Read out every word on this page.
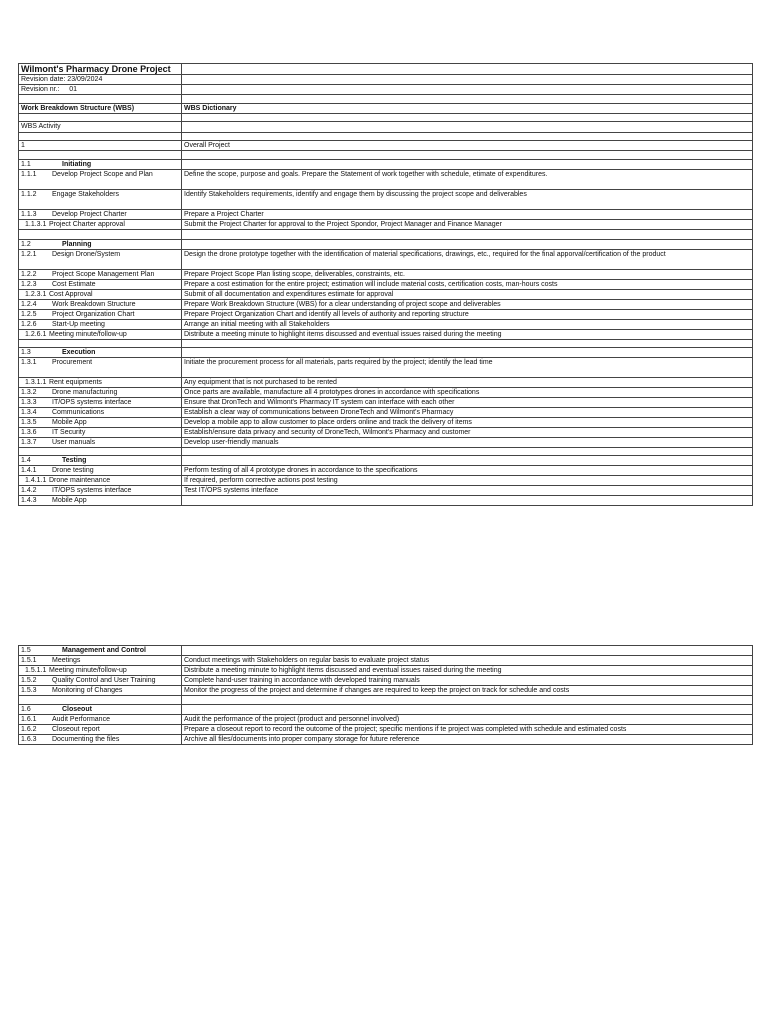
Wilmont's Pharmacy Drone Project	
Revision date: 23/09/2024	
Revision nr.:     01	

Work Breakdown Structure (WBS)	WBS Dictionary

WBS Activity	

1	Overall Project

1.1 Initiating	
1.1.1 Develop Project Scope and Plan	Define the scope, purpose and goals. Prepare the Statement of work together with schedule, etimate of expenditures.
1.1.2 Engage Stakeholders	Identify Stakeholders requirements, identify and engage them by discussing the project scope and deliverables
1.1.3 Develop Project Charter	Prepare a Project Charter
1.1.3.1 Project Charter approval	Submit the Project Charter for approval to the Project Spondor, Project Manager and Finance Manager

1.2 Planning	
1.2.1 Design Drone/System	Design the drone prototype together with the identification of material specifications, drawings, etc., required for the final apporval/certification of the product
1.2.2 Project Scope Management Plan	Prepare Project Scope Plan listing scope, deliverables, constraints, etc.
1.2.3 Cost Estimate	Prepare a cost estimation for the entire project; estimation will include material costs, certification costs, man-hours costs
1.2.3.1 Cost Approval	Submit of all documentation and expenditures estimate for approval
1.2.4 Work Breakdown Structure	Prepare Work Breakdown Structure (WBS) for a clear understanding of project scope and deliverables
1.2.5 Project Organization Chart	Prepare Project Organization Chart and identify all levels of authority and reporting structure
1.2.6 Start-Up meeting	Arrange an initial meeting with all Stakeholders
1.2.6.1 Meeting minute/follow-up	Distribute a meeting minute to highlight items discussed and eventual issues raised during the meeting

1.3 Execution	
1.3.1 Procurement	Initiate the procurement process for all materials, parts required by the project; identify the lead time
1.3.1.1 Rent equipments	Any equipment that is not purchased to be rented
1.3.2 Drone manufacturing	Once parts are available, manufacture all 4 prototypes drones in accordance with specifications
1.3.3 IT/OPS systems interface	Ensure that DronTech and Wilmont's Pharmacy IT system can interface with each other
1.3.4 Communications	Establish a clear way of communications between DroneTech and Wilmont's Pharmacy
1.3.5 Mobile App	Develop a mobile app to allow customer to place orders online and track the delivery of items
1.3.6 IT Security	Establish/ensure data privacy and security of DroneTech, Wilmont's Pharmacy and customer
1.3.7 User manuals	Develop user-friendly manuals

1.4 Testing	
1.4.1 Drone testing	Perform testing of all 4 prototype drones in accordance to the specifications
1.4.1.1 Drone maintenance	If required, perform corrective actions post testing
1.4.2 IT/OPS systems interface	Test IT/OPS systems interface
1.4.3 Mobile App	
1.5 Management and Control	
1.5.1 Meetings	Conduct meetings with Stakeholders on regular basis to evaluate project status
1.5.1.1 Meeting minute/follow-up	Distribute a meeting minute to highlight items discussed and eventual issues raised during the meeting
1.5.2 Quality Control and User Training	Complete hand-user training in accordance with developed training manuals
1.5.3 Monitoring of Changes	Monitor the progress of the project and determine if changes are required to keep the project on track for schedule and costs

1.6 Closeout	
1.6.1 Audit Performance	Audit the performance of the project (product and personnel involved)
1.6.2 Closeout report	Prepare a closeout report to record the outcome of the project; specific mentions if te project was completed with schedule and estimated costs
1.6.3 Documenting the files	Archive all files/documents into proper company storage for future reference
